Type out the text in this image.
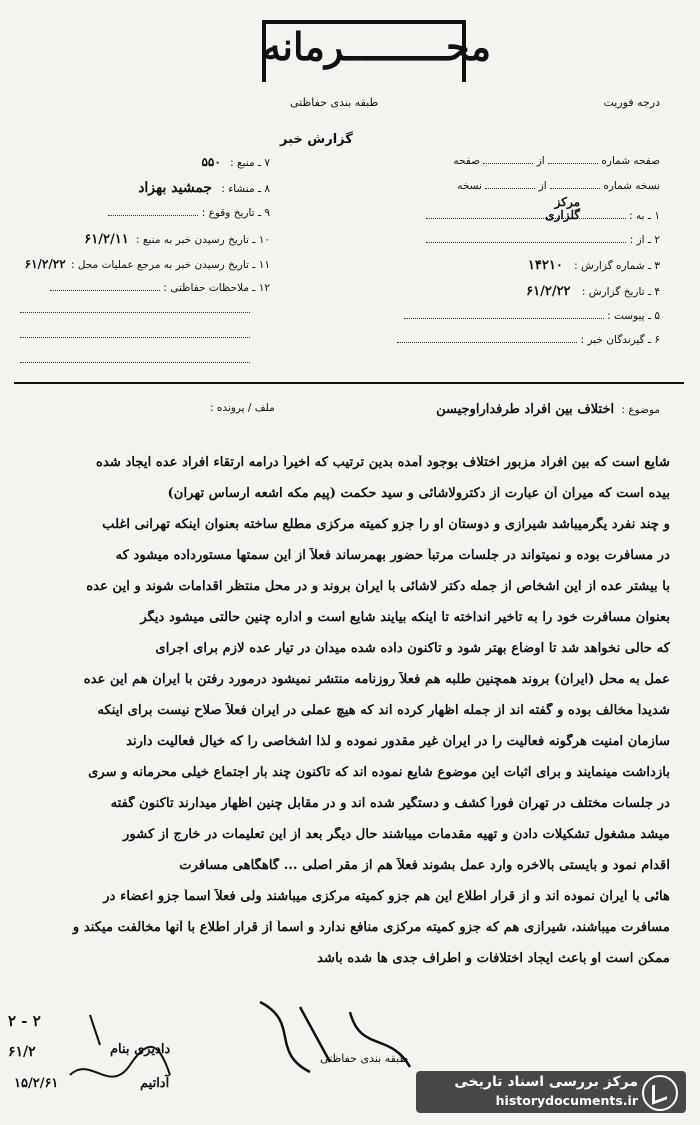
محـــــــــرمانه
درجه فوریت
طبقه بندی حفاظتی
گزارش خبر
صفحه شماره  از  صفحه
نسخه شماره  از  نسخه
۱ ـ به :
مرکز
گلزاری
۲ ـ از :
۳ ـ شماره گزارش : ۱۴۲۱۰
۴ ـ تاریخ گزارش : ۶۱/۲/۲۲
۵ ـ پیوست :
۶ ـ گیرندگان خبر :
۷ ـ منبع : ۵۵۰
۸ ـ منشاء : جمشید بهزاد
۹ ـ تاریخ وقوع :
۱۰ ـ تاریخ رسیدن خبر به منبع : ۶۱/۲/۱۱
۱۱ ـ تاریخ رسیدن خبر به مرجع عملیات محل : ۶۱/۲/۲۲
۱۲ ـ ملاحظات حفاظتی :
ملف / پرونده :	موضوع : اختلاف بین افراد طرفداراوجیسن
شایع است که بین افراد مزبور اختلاف بوجود آمده بدین ترتیب که اخیراً درامه ارتقاء افراد عده ایجاد شده
بیده است که میران آن عبارت از دکترولاشائی و سید حکمت (پیم مکه اشعه ارساس تهران)
و چند نفرد یگرمیباشد شیرازی و دوستان او را جزو کمیته مرکزی مطلع ساخته بعنوان اینکه تهرانی اغلب
در مسافرت بوده و نمیتواند در جلسات مرتباً حضور بهمرساند فعلاً از این سمتها مستورداده میشود که
با بیشتر عده از این اشخاص از جمله دکتر لاشائی با ایران بروند و در محل منتظر اقدامات شوند و این عده
بعنوان مسافرت خود را به تأخیر انداخته تا اینکه بیایند شایع است و اداره چنین حالتی میشود دیگر
که حالی نخواهد شد تا اوضاع بهتر شود و تاکنون داده شده میدان در تیار عده لازم برای اجرای
عمل به محل (ایران) بروند همچنین طلبه هم فعلاً روزنامه منتشر نمیشود درمورد رفتن با ایران هم این عده
شدیداً مخالف بوده و گفته اند از جمله اظهار کرده اند که هیچ عملی در ایران فعلاً صلاح نیست برای اینکه
سازمان امنیت هرگونه فعالیت را در ایران غیر مقدور نموده و لذا اشخاصی را که خیال فعالیت دارند
بازداشت مینمایند و برای اثبات این موضوع شایع نموده اند که تاکنون چند بار اجتماع خیلی محرمانه و سری
در جلسات مختلف در تهران فوراً کشف و دستگیر شده اند و در مقابل چنین اظهار میدارند تاکنون گفته
میشد مشغول تشکیلات دادن و تهیه مقدمات میباشند حال دیگر بعد از این تعلیمات در خارج از کشور
اقدام نمود و بایستی بالاخره وارد عمل بشوند فعلاً هم از مقر اصلی ... گاهگاهی مسافرت
هائی با ایران نموده اند و از قرار اطلاع این هم جزو کمیته مرکزی میباشند ولی فعلاً اسماً جزو اعضاء در
مسافرت میباشند، شیرازی هم که جزو کمیته مرکزی منافع ندارد و اسماً از قرار اطلاع با آنها مخالفت میکند و
ممکن است او باعث ایجاد اختلافات و اطراف جدی ها شده باشد
طبقه بندی حفاظتی
۲ - ۲
۶۱/۲
۱۵/۲/۶۱
دادیزی بنام
آداتیم	مرکز بررسی اسناد تاریخی
historydocuments.ir
